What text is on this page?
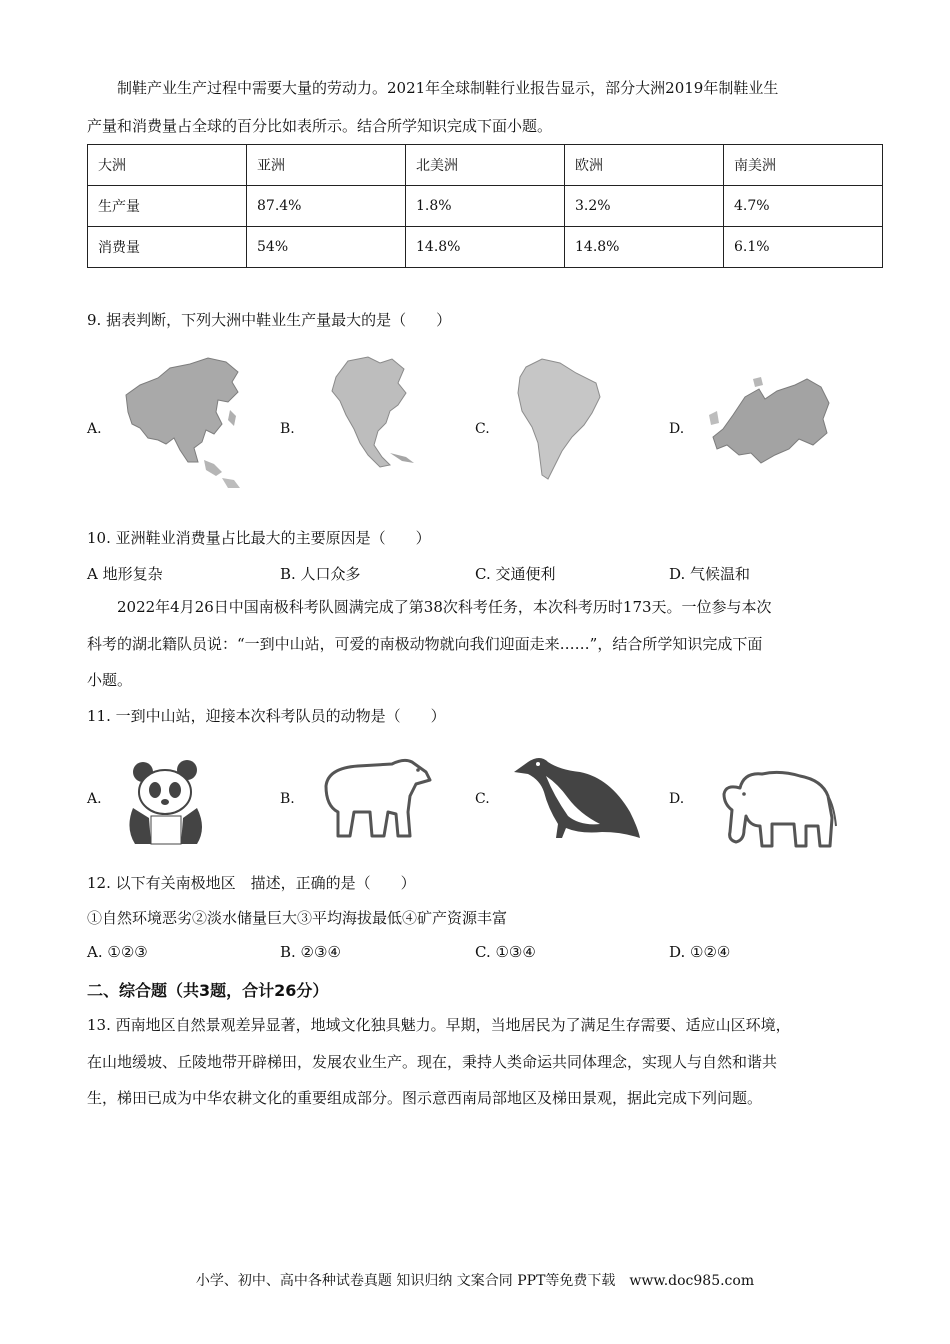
制鞋产业生产过程中需要大量的劳动力。2021年全球制鞋行业报告显示，部分大洲2019年制鞋业生
产量和消费量占全球的百分比如表所示。结合所学知识完成下面小题。
大洲	亚洲	北美洲	欧洲	南美洲
生产量	87.4%	1.8%	3.2%	4.7%
消费量	54%	14.8%	14.8%	6.1%
9. 据表判断，下列大洲中鞋业生产量最大的是（　　）
A.	B.	C.	D.
10. 亚洲鞋业消费量占比最大的主要原因是（　　）
A 地形复杂	B. 人口众多	C. 交通便利	D. 气候温和
2022年4月26日中国南极科考队圆满完成了第38次科考任务，本次科考历时173天。一位参与本次
科考的湖北籍队员说：“一到中山站，可爱的南极动物就向我们迎面走来……”，结合所学知识完成下面
小题。
11. 一到中山站，迎接本次科考队员的动物是（　　）
A.	B.	C.	D.
12. 以下有关南极地区　描述，正确的是（　　）
①自然环境恶劣②淡水储量巨大③平均海拔最低④矿产资源丰富
A. ①②③	B. ②③④	C. ①③④	D. ①②④
二、综合题（共3题，合计26分）
13. 西南地区自然景观差异显著，地域文化独具魅力。早期，当地居民为了满足生存需要、适应山区环境，
在山地缓坡、丘陵地带开辟梯田，发展农业生产。现在，秉持人类命运共同体理念，实现人与自然和谐共
生，梯田已成为中华农耕文化的重要组成部分。图示意西南局部地区及梯田景观，据此完成下列问题。
小学、初中、高中各种试卷真题 知识归纳 文案合同 PPT等免费下载　www.doc985.com
